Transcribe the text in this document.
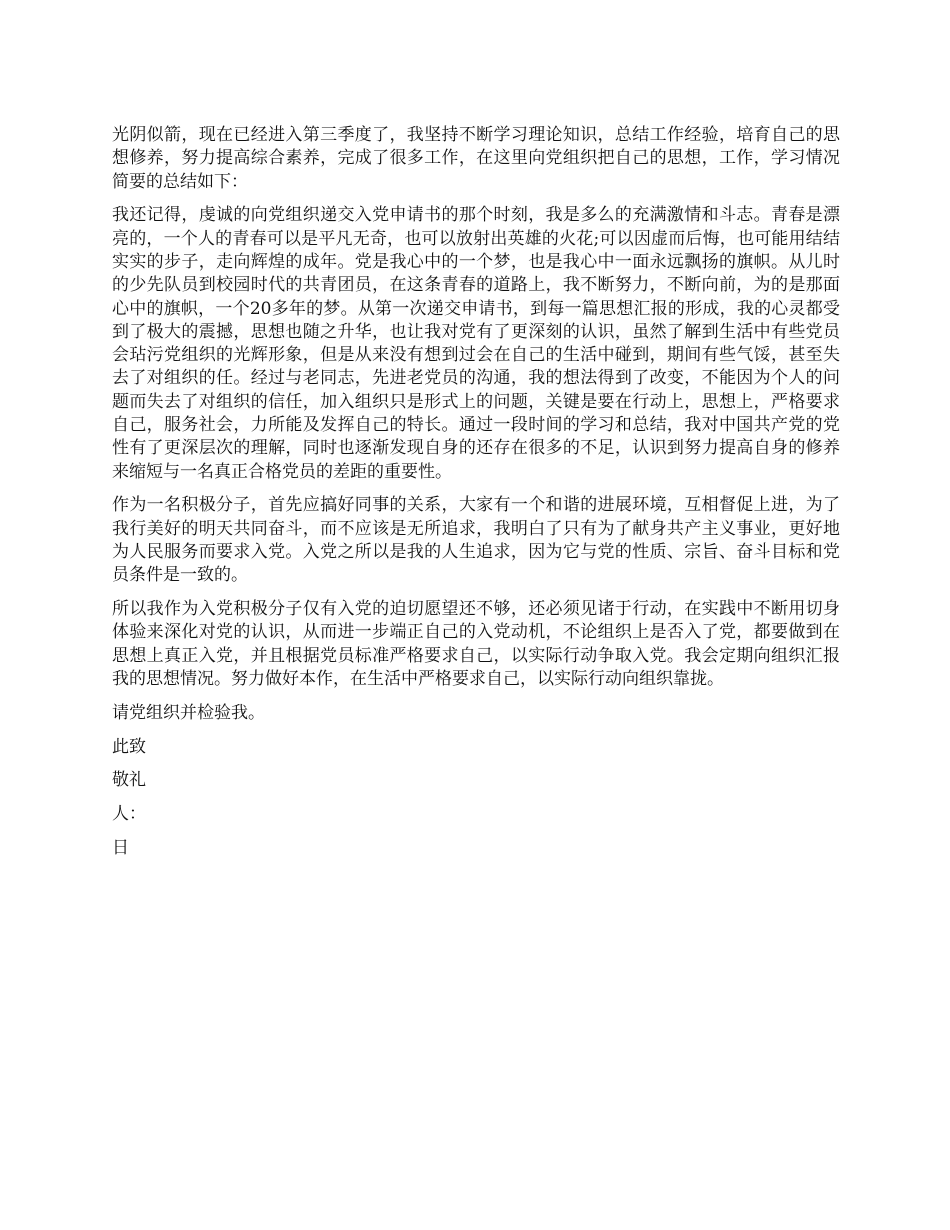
光阴似箭，现在已经进入第三季度了，我坚持不断学习理论知识，总结工作经验，培育自己的思想修养，努力提高综合素养，完成了很多工作，在这里向党组织把自己的思想，工作，学习情况简要的总结如下：

我还记得，虔诚的向党组织递交入党申请书的那个时刻，我是多么的充满激情和斗志。青春是漂亮的，一个人的青春可以是平凡无奇，也可以放射出英雄的火花;可以因虚而后悔，也可能用结结实实的步子，走向辉煌的成年。党是我心中的一个梦，也是我心中一面永远飘扬的旗帜。从儿时的少先队员到校园时代的共青团员，在这条青春的道路上，我不断努力，不断向前，为的是那面心中的旗帜，一个20多年的梦。从第一次递交申请书，到每一篇思想汇报的形成，我的心灵都受到了极大的震撼，思想也随之升华，也让我对党有了更深刻的认识，虽然了解到生活中有些党员会玷污党组织的光辉形象，但是从来没有想到过会在自己的生活中碰到，期间有些气馁，甚至失去了对组织的任。经过与老同志，先进老党员的沟通，我的想法得到了改变，不能因为个人的问题而失去了对组织的信任，加入组织只是形式上的问题，关键是要在行动上，思想上，严格要求自己，服务社会，力所能及发挥自己的特长。通过一段时间的学习和总结，我对中国共产党的党性有了更深层次的理解，同时也逐渐发现自身的还存在很多的不足，认识到努力提高自身的修养来缩短与一名真正合格党员的差距的重要性。

作为一名积极分子，首先应搞好同事的关系，大家有一个和谐的进展环境，互相督促上进，为了我行美好的明天共同奋斗，而不应该是无所追求，我明白了只有为了献身共产主义事业，更好地为人民服务而要求入党。入党之所以是我的人生追求，因为它与党的性质、宗旨、奋斗目标和党员条件是一致的。

所以我作为入党积极分子仅有入党的迫切愿望还不够，还必须见诸于行动，在实践中不断用切身体验来深化对党的认识，从而进一步端正自己的入党动机，不论组织上是否入了党，都要做到在思想上真正入党，并且根据党员标准严格要求自己，以实际行动争取入党。我会定期向组织汇报我的思想情况。努力做好本作，在生活中严格要求自己，以实际行动向组织靠拢。

请党组织并检验我。

此致

敬礼

人：

日
